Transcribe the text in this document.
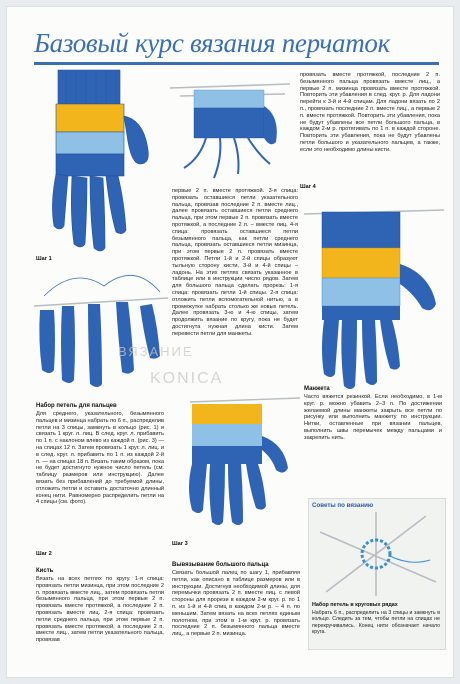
Базовый курс вязания перчаток
провязать вместе протяжкой, последние 2 п. безымянного пальца провязать вместе лиц., а первые 2 п. мизинца провязать вместе протяжкой. Повторить эти убавления в след. круг. р. Для ладони перейти к 3-й и 4-й спицам. Для ладони вязать по 2 п., провязать последние 2 п. вместе лиц., а первые 2 п. вместе протяжкой. Повторить эти убавления, пока не будут убавлены все петли большого пальца, в каждом 2-м р. протягивать по 1 п. в каждой стороне. Повторить эти убавления, пока не будут убавлены петли большого и указательного пальцев, а также, если это необходимо длины кисти.
Шаг 4
первые 2 п. вместе протяжкой. 3-я спица: провязать оставшиеся петли указательного пальца, провязав последние 2 п. вместе лиц., далее провязать оставшиеся петли среднего пальца, при этом первые 2 п. провязать вместе протяжкой, а последние 2 п. – вместе лиц. 4-я спица: провязать оставшиеся петли безымянного пальца, как петли среднего пальца, провязать оставшиеся петли мизинца, при этом первые 2 п. провязать вместе протяжкой. Петли 1-й и 2-й спицы образуют тыльную сторону кисти, 3-й и 4-й спицы – ладонь. На этих петлях связать указанное в таблице или в инструкции число рядов. Затем для большого пальца сделать прорезь: 1-я спица: провязать петли 1-й спицы. 2-я спица: отложить петли вспомогательной нитью, а в промежутке набрать столько же новых петель. Далее провязать 3-ю и 4-ю спицы, затем продолжить вязание по кругу, пока не будет достигнута нужная длина кисти. Затем перевести петли для манжеты.
Шаг 1
ВЯЗАНИЕ
KONICA
Набор петель для пальцев
Для среднего, указательного, безымянного пальцев и мизинца набрать по 6 п., распределив петли на 3 спицы, замкнуть в кольцо (рис. 1) и связать 1 круг. л. лиц. В след. круг. л. прибавить по 1 п. с наклоном влево из каждой п. (рис. 3) — на спицах 12 п. Затем провязать 1 круг. л. лиц. и в след. круг. л. прибавить по 1 п. из каждой 2-й п. — на спицах 18 п. Вязать таким образом, пока не будет достигнуто нужное число петель (см. таблицу размеров или инструкцию). Далее вязать без прибавлений до требуемой длины, отложить петли и оставить достаточно длинный конец нити. Равномерно распределить петли на 4 спицы (см. фото).
Манжета
Часто вяжется резинкой. Если необходимо, в 1-м круг. р. можно убавить 2–3 п. По достижении желаемой длины манжеты закрыть все петли по рисунку или выполнить манжету по инструкции. Нитки, оставленные при вязании пальцев, выполнить швы перемычек между пальцами и закрепить нить.
Шаг 2
Кисть
Вязать на всех петлях по кругу. 1-я спица: провязать петли мизинца, при этом последние 2 п. провязать вместе лиц., затем провязать петли безымянного пальца, при этом первые 2 п. провязать вместе протяжкой, а последние 2 п. провязать вместе лиц. 2-я спица: провязать петли среднего пальца, при этом первые 2 п. провязать вместе протяжкой, а последние 2 п. вместе лиц., затем петли указательного пальца, провязав
Шаг 3
Вывязывание большого пальца
Связать большой палец по шагу 1, прибавляя петли, как описано в таблице размеров или в инструкции. Достигнув необходимой длины, для перемычки провязать 2 п. вместе лиц. с левой стороны для прорези в каждом 2-м круг. р. по 1 п. из 1-й и 4-й спиц в каждом 2-м р. – 4 п. по меньшим. Затем вязать на всех петлях единым полотном, при этом в 1-м круг. р. провязать последние 2 п. безымянного пальца вместе лиц., а первые 2 п. мизинца.
Советы по вязанию
Набор петель в круговых рядах
Набрать 6 п., распределить на 3 спицы и замкнуть в кольцо. Следить за тем, чтобы петли на спицах не перекручивались. Конец нити обозначает начало круга.
